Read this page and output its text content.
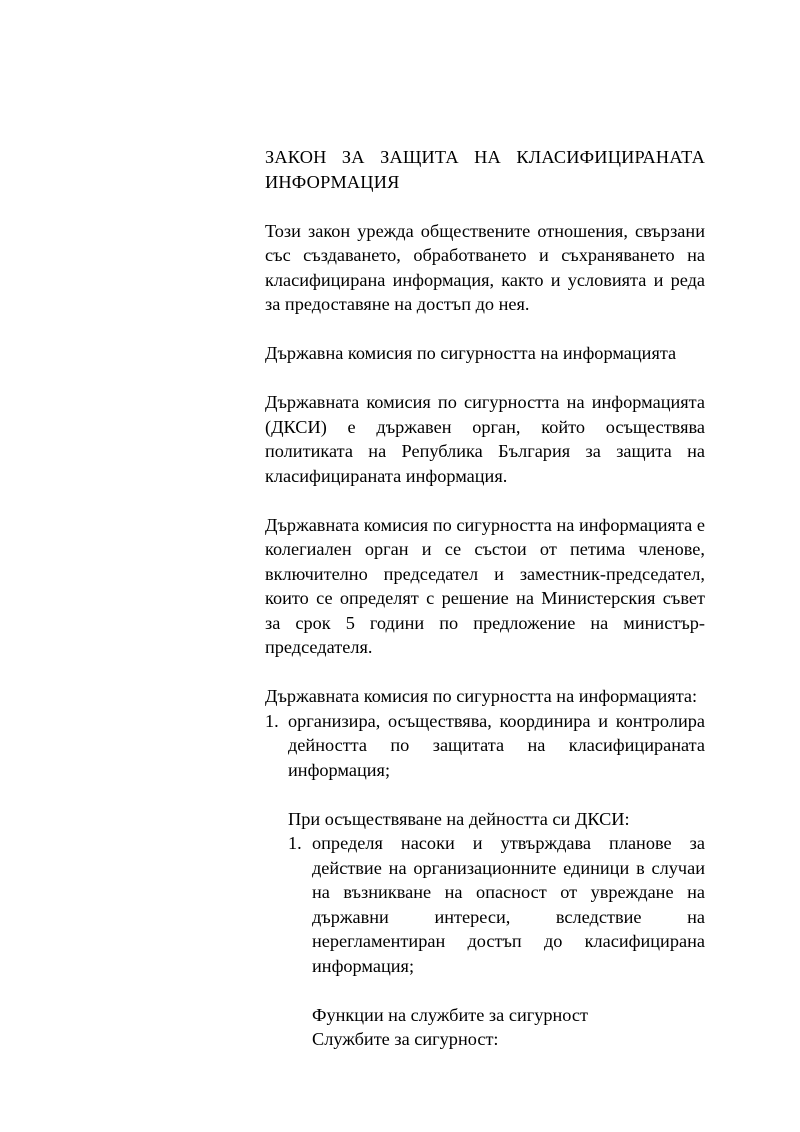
ЗАКОН ЗА ЗАЩИТА НА КЛАСИФИЦИРАНАТА
ИНФОРМАЦИЯ

Този закон урежда обществените отношения, свързани със създаването, обработването и съхраняването на класифицирана информация, както и условията и реда за предоставяне на достъп до нея.

Държавна комисия по сигурността на информацията

Държавната комисия по сигурността на информацията (ДКСИ) е държавен орган, който осъществява политиката на Република България за защита на класифицираната информация.

Държавната комисия по сигурността на информацията е колегиален орган и се състои от петима членове, включително председател и заместник-председател, които се определят с решение на Министерския съвет за срок 5 години по предложение на министър-председателя.

Държавната комисия по сигурността на информацията:

1. организира, осъществява, координира и контролира дейността по защитата на класифицираната информация;

При осъществяване на дейността си ДКСИ:

1. определя насоки и утвърждава планове за действие на организационните единици в случаи на възникване на опасност от увреждане на държавни интереси, вследствие на нерегламентиран достъп до класифицирана информация;

Функции на службите за сигурност

Службите за сигурност:
